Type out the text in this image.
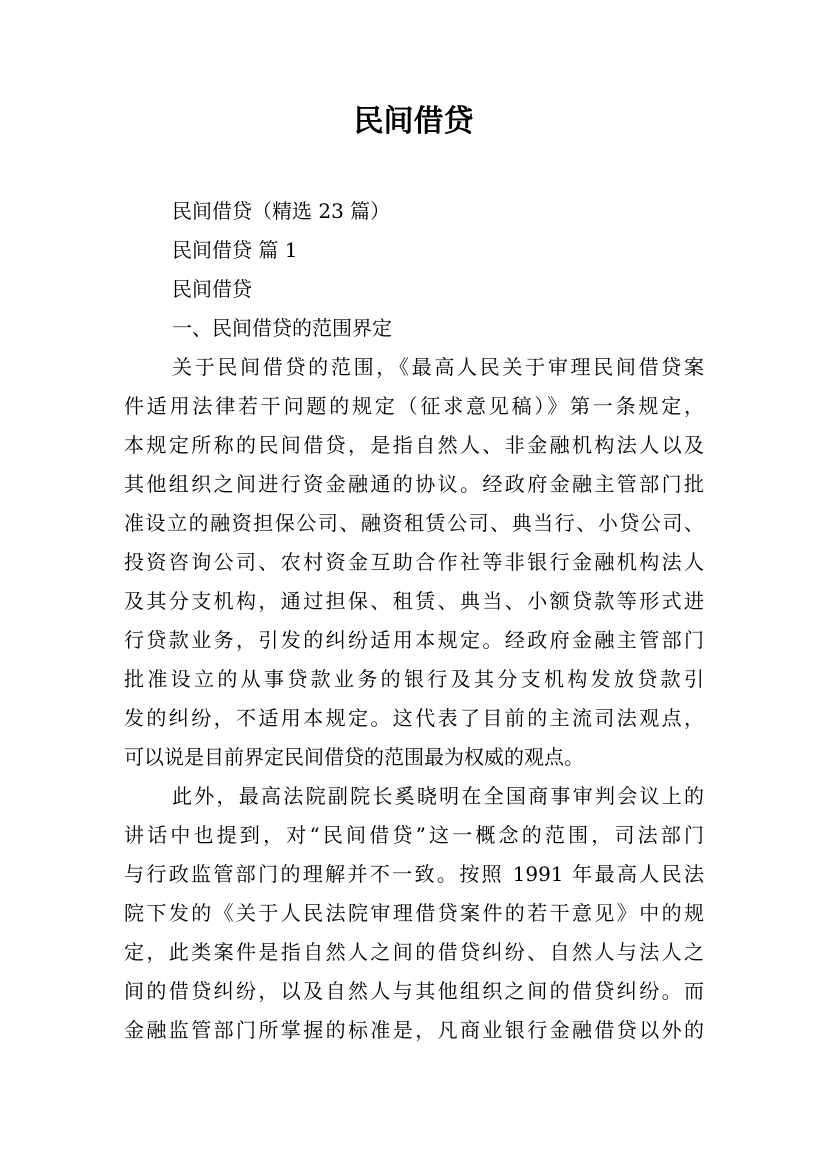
民间借贷

民间借贷（精选 23 篇）

民间借贷 篇 1

民间借贷

一、民间借贷的范围界定

关于民间借贷的范围，《最高人民关于审理民间借贷案

件适用法律若干问题的规定（征求意见稿）》第一条规定，

本规定所称的民间借贷，是指自然人、非金融机构法人以及

其他组织之间进行资金融通的协议。经政府金融主管部门批

准设立的融资担保公司、融资租赁公司、典当行、小贷公司、

投资咨询公司、农村资金互助合作社等非银行金融机构法人

及其分支机构，通过担保、租赁、典当、小额贷款等形式进

行贷款业务，引发的纠纷适用本规定。经政府金融主管部门

批准设立的从事贷款业务的银行及其分支机构发放贷款引

发的纠纷，不适用本规定。这代表了目前的主流司法观点，

可以说是目前界定民间借贷的范围最为权威的观点。

此外，最高法院副院长奚晓明在全国商事审判会议上的

讲话中也提到，对“民间借贷”这一概念的范围，司法部门

与行政监管部门的理解并不一致。按照 1991 年最高人民法

院下发的《关于人民法院审理借贷案件的若干意见》中的规

定，此类案件是指自然人之间的借贷纠纷、自然人与法人之

间的借贷纠纷，以及自然人与其他组织之间的借贷纠纷。而

金融监管部门所掌握的标准是，凡商业银行金融借贷以外的
